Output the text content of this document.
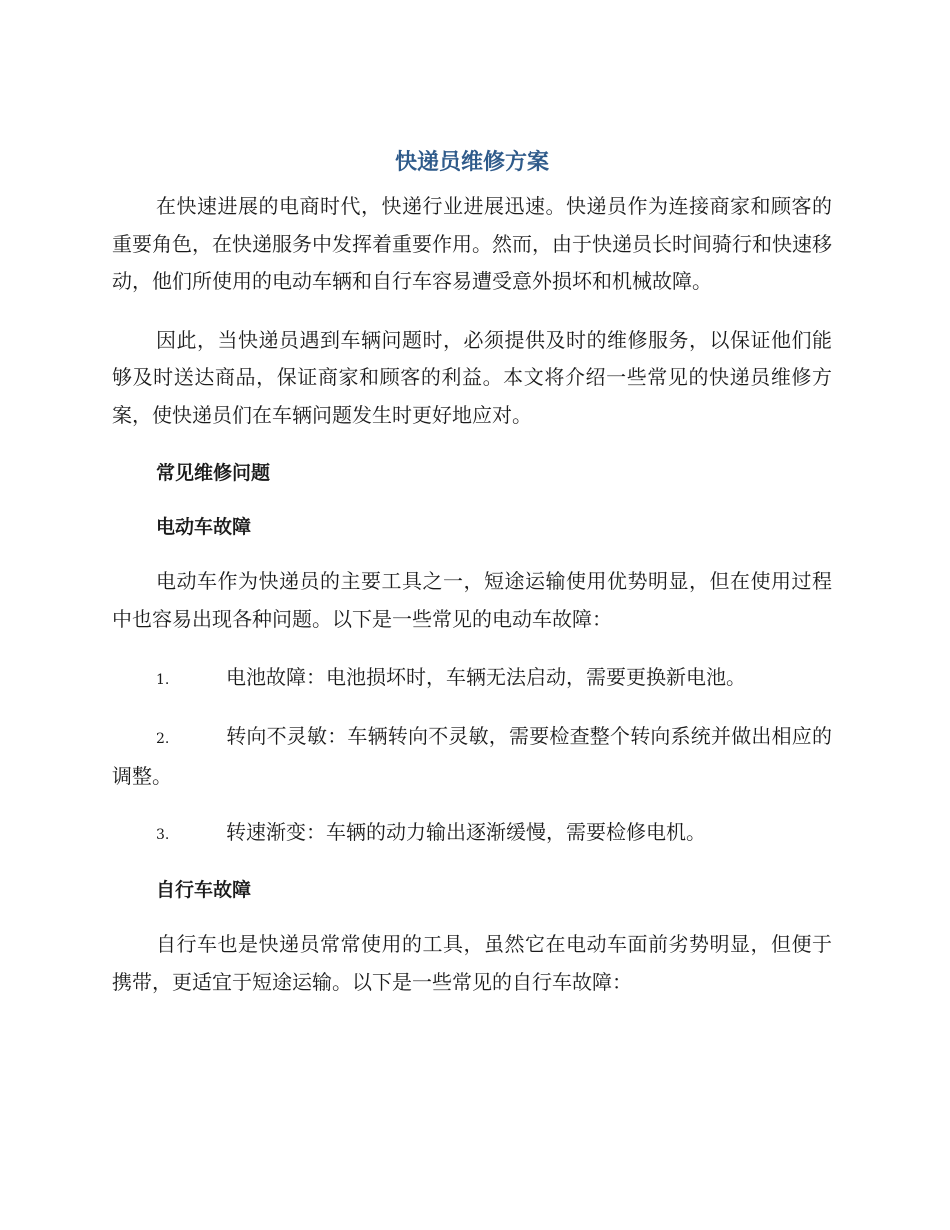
快递员维修方案

在快速进展的电商时代，快递行业进展迅速。快递员作为连接商家和顾客的重要角色，在快递服务中发挥着重要作用。然而，由于快递员长时间骑行和快速移动，他们所使用的电动车辆和自行车容易遭受意外损坏和机械故障。

因此，当快递员遇到车辆问题时，必须提供及时的维修服务，以保证他们能够及时送达商品，保证商家和顾客的利益。本文将介绍一些常见的快递员维修方案，使快递员们在车辆问题发生时更好地应对。

常见维修问题
电动车故障

电动车作为快递员的主要工具之一，短途运输使用优势明显，但在使用过程中也容易出现各种问题。以下是一些常见的电动车故障：

1.	电池故障：电池损坏时，车辆无法启动，需要更换新电池。
2.	转向不灵敏：车辆转向不灵敏，需要检查整个转向系统并做出相应的调整。
3.	转速渐变：车辆的动力输出逐渐缓慢，需要检修电机。
自行车故障

自行车也是快递员常常使用的工具，虽然它在电动车面前劣势明显，但便于携带，更适宜于短途运输。以下是一些常见的自行车故障：
